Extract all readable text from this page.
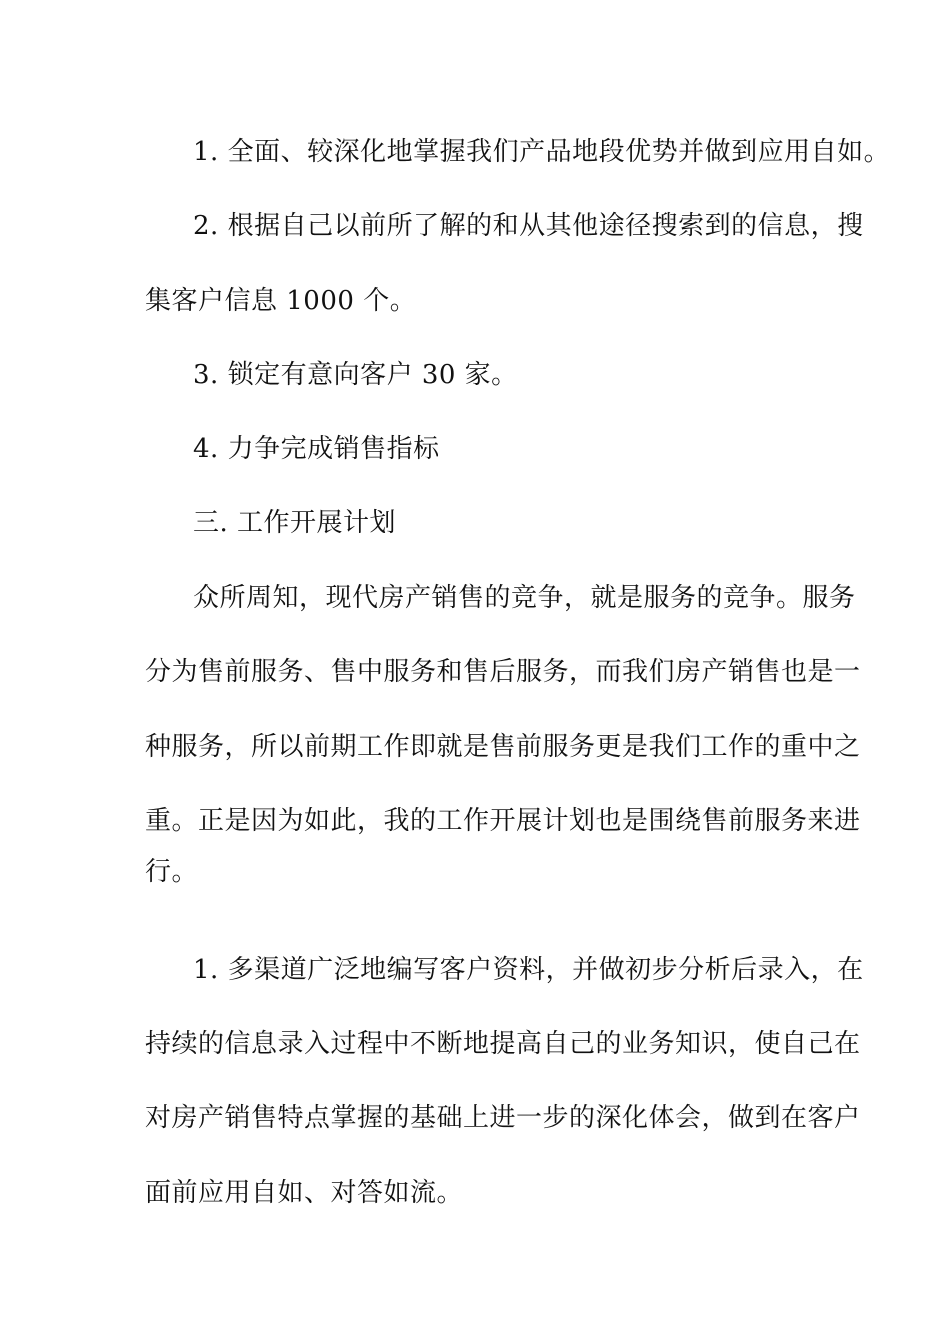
1. 全面、较深化地掌握我们产品地段优势并做到应用自如。
2. 根据自己以前所了解的和从其他途径搜索到的信息，搜
集客户信息 1000 个。
3. 锁定有意向客户 30 家。
4. 力争完成销售指标
三. 工作开展计划
众所周知，现代房产销售的竞争，就是服务的竞争。服务
分为售前服务、售中服务和售后服务，而我们房产销售也是一
种服务，所以前期工作即就是售前服务更是我们工作的重中之
重。正是因为如此，我的工作开展计划也是围绕售前服务来进
行。
1. 多渠道广泛地编写客户资料，并做初步分析后录入，在
持续的信息录入过程中不断地提高自己的业务知识，使自己在
对房产销售特点掌握的基础上进一步的深化体会，做到在客户
面前应用自如、对答如流。
